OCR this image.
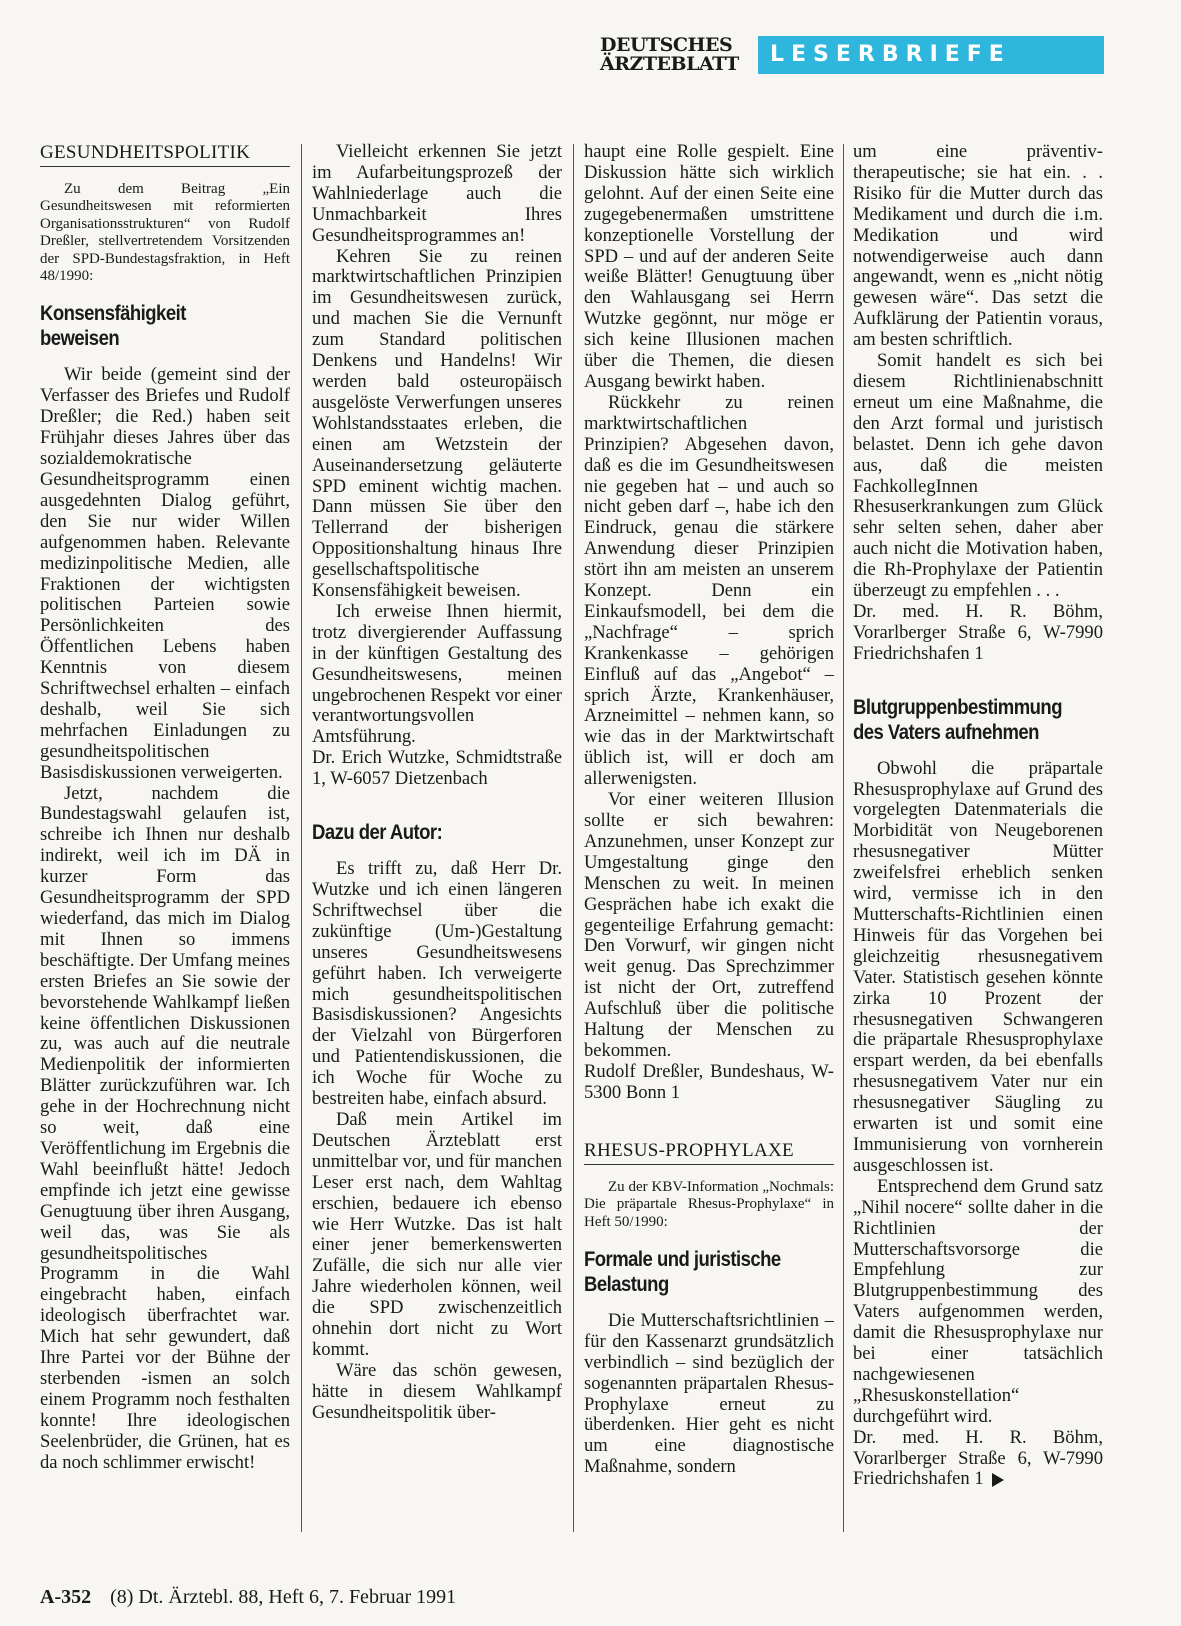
DEUTSCHES
ÄRZTEBLATT	LESERBRIEFE
GESUNDHEITSPOLITIK
Zu dem Beitrag „Ein Gesundheitswesen mit reformierten Organisationsstrukturen“ von Rudolf Dreßler, stellvertretendem Vorsitzenden der SPD-Bundestagsfraktion, in Heft 48/1990:
Konsensfähigkeit
beweisen

Wir beide (gemeint sind der Verfasser des Briefes und Rudolf Dreßler; die Red.) haben seit Frühjahr dieses Jahres über das sozialdemokratische Gesundheitsprogramm einen ausgedehnten Dialog geführt, den Sie nur wider Willen aufgenommen haben. Relevante medizinpolitische Medien, alle Fraktionen der wichtigsten politischen Parteien sowie Persönlichkeiten des Öffentlichen Lebens haben Kenntnis von diesem Schriftwechsel erhalten – einfach deshalb, weil Sie sich mehrfachen Einladungen zu gesundheitspolitischen Basisdiskussionen verweigerten.

Jetzt, nachdem die Bundestagswahl gelaufen ist, schreibe ich Ihnen nur deshalb indirekt, weil ich im DÄ in kurzer Form das Gesundheitsprogramm der SPD wiederfand, das mich im Dialog mit Ihnen so immens beschäftigte. Der Umfang meines ersten Briefes an Sie sowie der bevorstehende Wahlkampf ließen keine öffentlichen Diskussionen zu, was auch auf die neutrale Medienpolitik der informierten Blätter zurückzuführen war. Ich gehe in der Hochrechnung nicht so weit, daß eine Veröffentlichung im Ergebnis die Wahl beeinflußt hätte! Jedoch empfinde ich jetzt eine gewisse Genugtuung über ihren Ausgang, weil das, was Sie als gesundheitspolitisches Programm in die Wahl eingebracht haben, einfach ideologisch überfrachtet war. Mich hat sehr gewundert, daß Ihre Partei vor der Bühne der sterbenden -ismen an solch einem Programm noch festhalten konnte! Ihre ideologischen Seelenbrüder, die Grünen, hat es da noch schlimmer erwischt!

Vielleicht erkennen Sie jetzt im Aufarbeitungsprozeß der Wahlniederlage auch die Unmachbarkeit Ihres Gesundheitsprogrammes an!

Kehren Sie zu reinen marktwirtschaftlichen Prinzipien im Gesundheitswesen zurück, und machen Sie die Vernunft zum Standard politischen Denkens und Handelns! Wir werden bald osteuropäisch ausgelöste Verwerfungen unseres Wohlstandsstaates erleben, die einen am Wetzstein der Auseinandersetzung geläuterte SPD eminent wichtig machen. Dann müssen Sie über den Tellerrand der bisherigen Oppositionshaltung hinaus Ihre gesellschaftspolitische Konsensfähigkeit beweisen.

Ich erweise Ihnen hiermit, trotz divergierender Auffassung in der künftigen Gestaltung des Gesundheitswesens, meinen ungebrochenen Respekt vor einer verantwortungsvollen Amtsführung.

Dr. Erich Wutzke, Schmidtstraße 1, W-6057 Dietzenbach

Dazu der Autor:

Es trifft zu, daß Herr Dr. Wutzke und ich einen längeren Schriftwechsel über die zukünftige (Um-)Gestaltung unseres Gesundheitswesens geführt haben. Ich verweigerte mich gesundheitspolitischen Basisdiskussionen? Angesichts der Vielzahl von Bürgerforen und Patientendiskussionen, die ich Woche für Woche zu bestreiten habe, einfach absurd.

Daß mein Artikel im Deutschen Ärzteblatt erst unmittelbar vor, und für manchen Leser erst nach, dem Wahltag erschien, bedauere ich ebenso wie Herr Wutzke. Das ist halt einer jener bemerkenswerten Zufälle, die sich nur alle vier Jahre wiederholen können, weil die SPD zwischenzeitlich ohnehin dort nicht zu Wort kommt.

Wäre das schön gewesen, hätte in diesem Wahlkampf Gesundheitspolitik über-

haupt eine Rolle gespielt. Eine Diskussion hätte sich wirklich gelohnt. Auf der einen Seite eine zugegebenermaßen umstrittene konzeptionelle Vorstellung der SPD – und auf der anderen Seite weiße Blätter! Genugtuung über den Wahlausgang sei Herrn Wutzke gegönnt, nur möge er sich keine Illusionen machen über die Themen, die diesen Ausgang bewirkt haben.

Rückkehr zu reinen marktwirtschaftlichen Prinzipien? Abgesehen davon, daß es die im Gesundheitswesen nie gegeben hat – und auch so nicht geben darf –, habe ich den Eindruck, genau die stärkere Anwendung dieser Prinzipien stört ihn am meisten an unserem Konzept. Denn ein Einkaufsmodell, bei dem die „Nachfrage“ – sprich Krankenkasse – gehörigen Einfluß auf das „Angebot“ – sprich Ärzte, Krankenhäuser, Arzneimittel – nehmen kann, so wie das in der Marktwirtschaft üblich ist, will er doch am allerwenigsten.

Vor einer weiteren Illusion sollte er sich bewahren: Anzunehmen, unser Konzept zur Umgestaltung ginge den Menschen zu weit. In meinen Gesprächen habe ich exakt die gegenteilige Erfahrung gemacht: Den Vorwurf, wir gingen nicht weit genug. Das Sprechzimmer ist nicht der Ort, zutreffend Aufschluß über die politische Haltung der Menschen zu bekommen.

Rudolf Dreßler, Bundeshaus, W-5300 Bonn 1

RHESUS-PROPHYLAXE
Zu der KBV-Information „Nochmals: Die präpartale Rhesus-Prophylaxe“ in Heft 50/1990:
Formale und juristische
Belastung

Die Mutterschaftsrichtlinien – für den Kassenarzt grundsätzlich verbindlich – sind bezüglich der sogenannten präpartalen Rhesus-Prophylaxe erneut zu überdenken. Hier geht es nicht um eine diagnostische Maßnahme, sondern

um eine präventiv-therapeutische; sie hat ein. . . Risiko für die Mutter durch das Medikament und durch die i.m. Medikation und wird notwendigerweise auch dann angewandt, wenn es „nicht nötig gewesen wäre“. Das setzt die Aufklärung der Patientin voraus, am besten schriftlich.

Somit handelt es sich bei diesem Richtlinienabschnitt erneut um eine Maßnahme, die den Arzt formal und juristisch belastet. Denn ich gehe davon aus, daß die meisten FachkollegInnen Rhesuserkrankungen zum Glück sehr selten sehen, daher aber auch nicht die Motivation haben, die Rh-Prophylaxe der Patientin überzeugt zu empfehlen . . .

Dr. med. H. R. Böhm, Vorarlberger Straße 6, W-7990 Friedrichshafen 1

Blutgruppenbestimmung
des Vaters aufnehmen

Obwohl die präpartale Rhesusprophylaxe auf Grund des vorgelegten Datenmaterials die Morbidität von Neugeborenen rhesusnegativer Mütter zweifelsfrei erheblich senken wird, vermisse ich in den Mutterschafts-Richtlinien einen Hinweis für das Vorgehen bei gleichzeitig rhesusnegativem Vater. Statistisch gesehen könnte zirka 10 Prozent der rhesusnegativen Schwangeren die präpartale Rhesusprophylaxe erspart werden, da bei ebenfalls rhesusnegativem Vater nur ein rhesusnegativer Säugling zu erwarten ist und somit eine Immunisierung von vornherein ausgeschlossen ist.

Entsprechend dem Grund satz „Nihil nocere“ sollte daher in die Richtlinien der Mutterschaftsvorsorge die Empfehlung zur Blutgruppenbestimmung des Vaters aufgenommen werden, damit die Rhesusprophylaxe nur bei einer tatsächlich nachgewiesenen „Rhesuskonstellation“ durchgeführt wird.

Dr. med. H. R. Böhm, Vorarlberger Straße 6, W-7990 Friedrichshafen 1

A-352 (8) Dt. Ärztebl. 88, Heft 6, 7. Februar 1991
